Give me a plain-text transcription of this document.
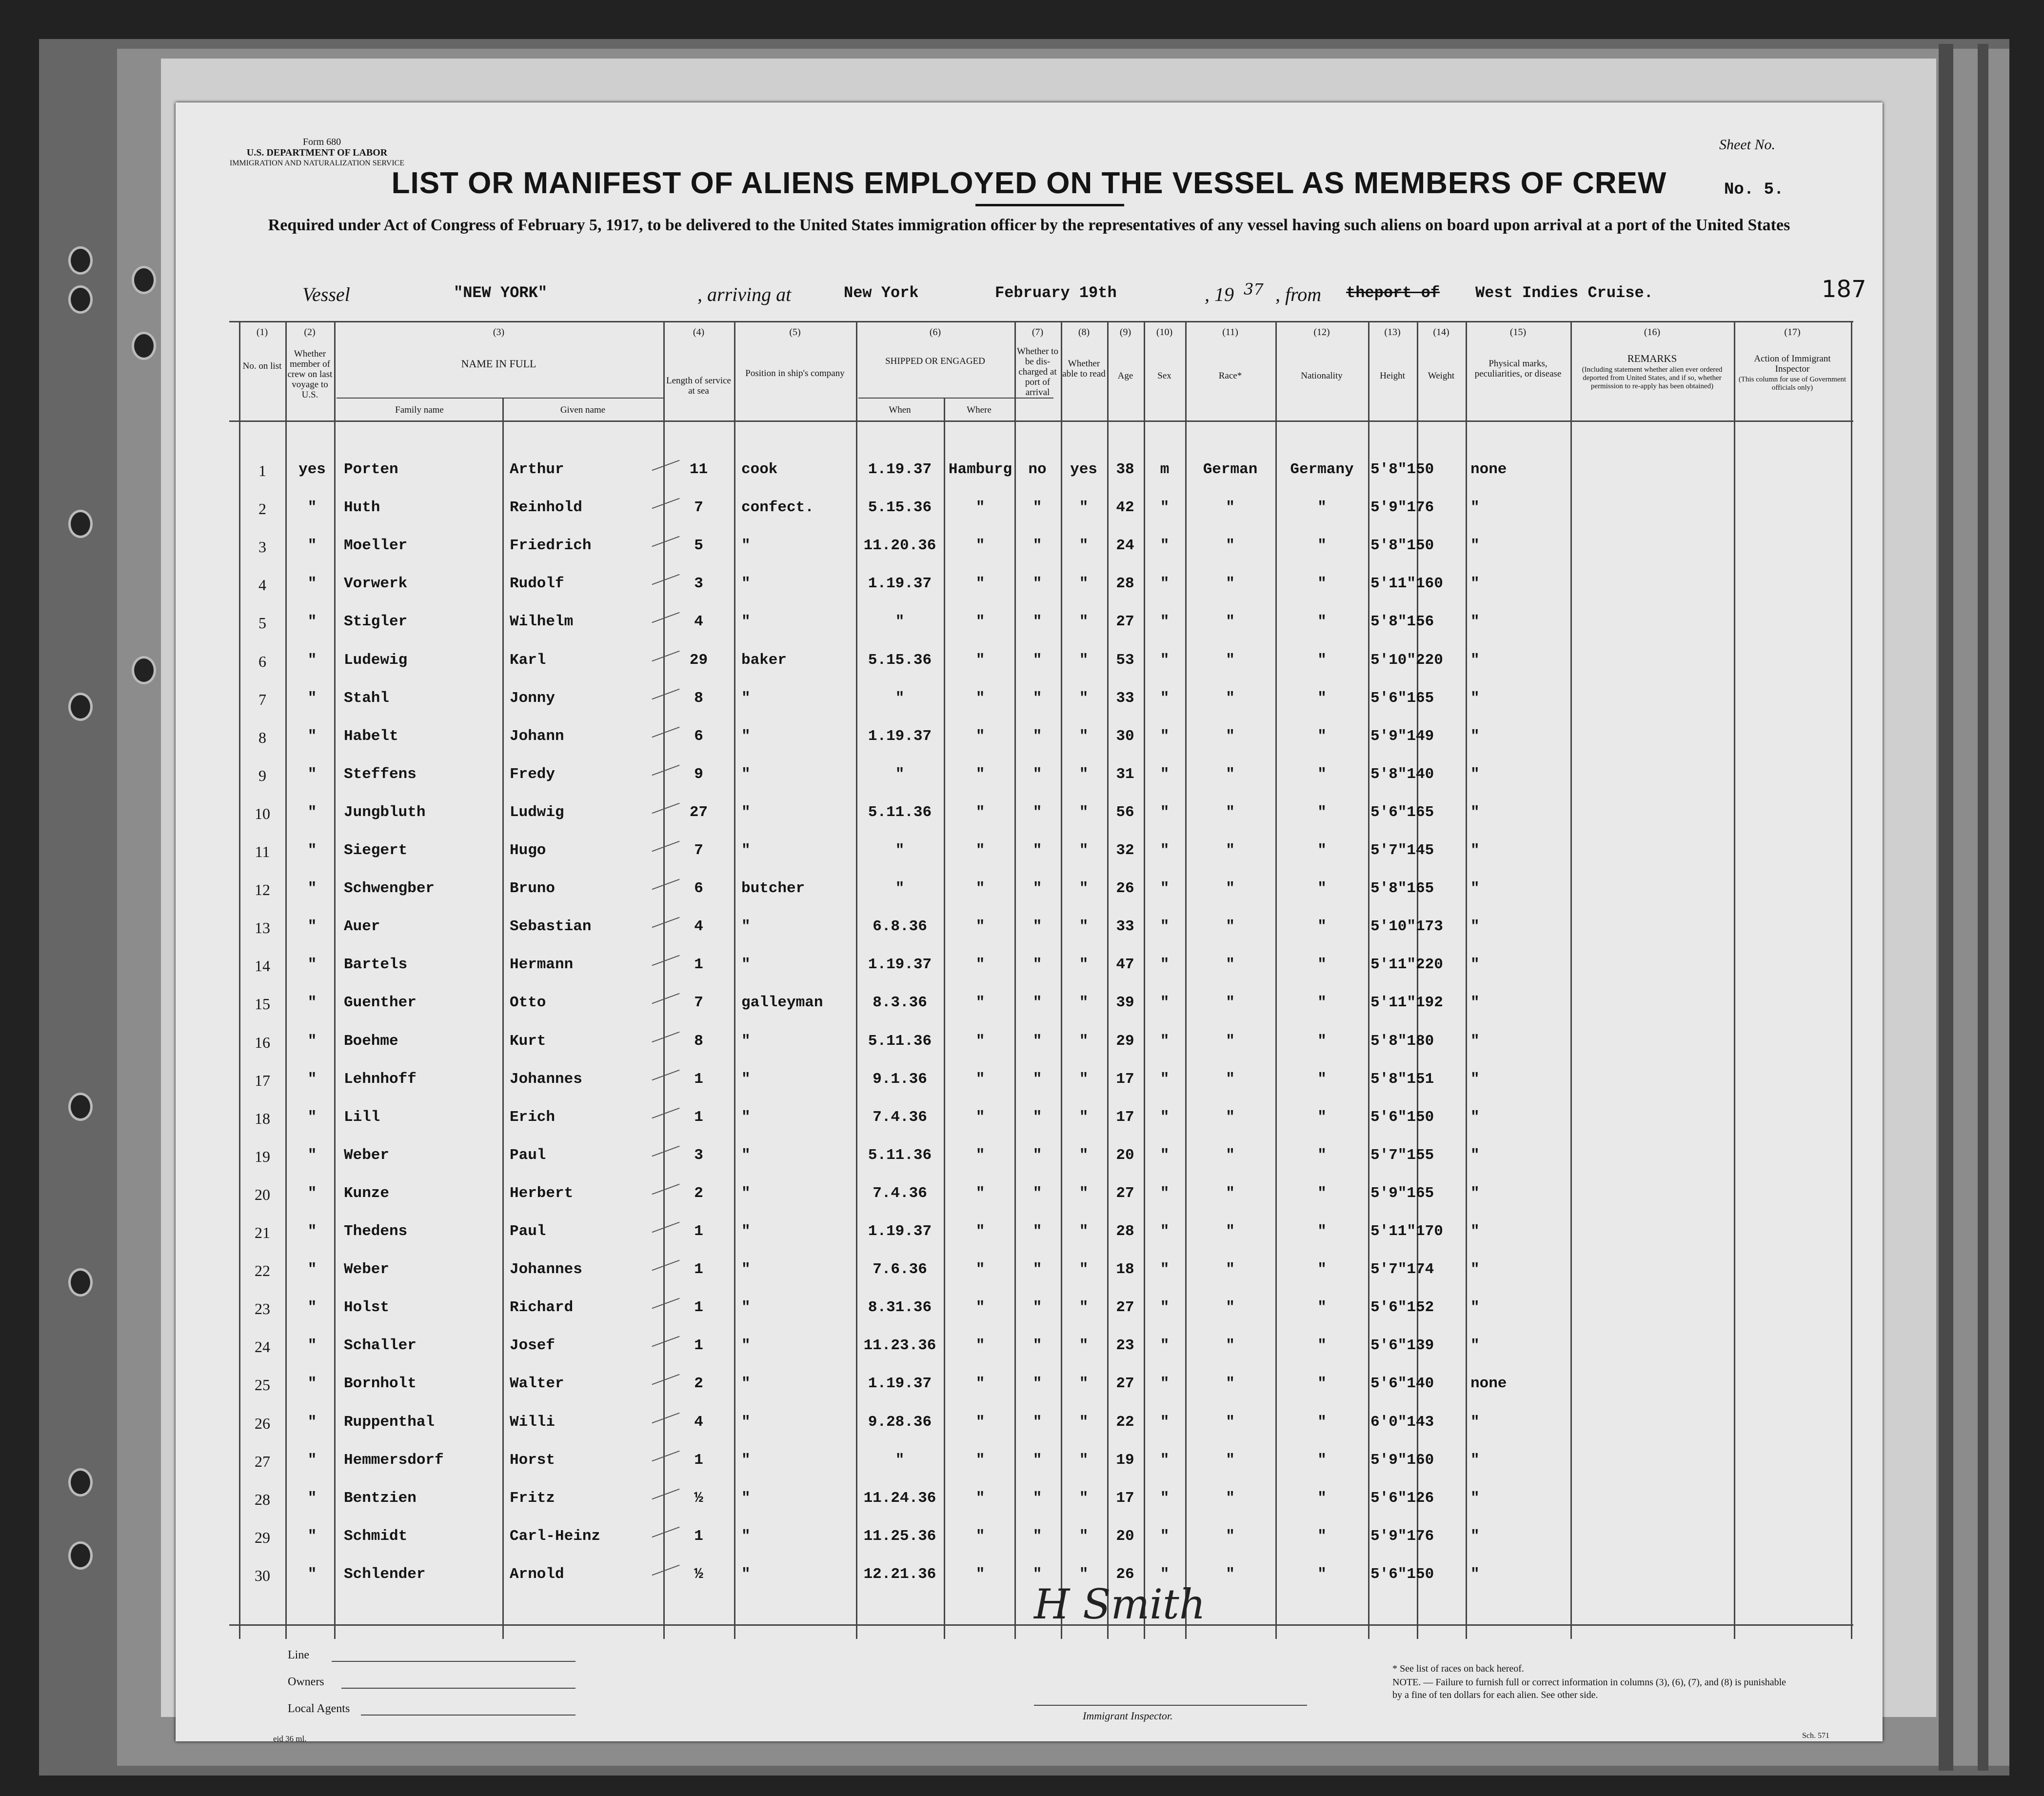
Form 680
U.S. DEPARTMENT OF LABOR
IMMIGRATION AND NATURALIZATION SERVICE
Sheet No.
No. 5.
LIST OR MANIFEST OF ALIENS EMPLOYED ON THE VESSEL AS MEMBERS OF CREW
Required under Act of Congress of February 5, 1917, to be delivered to the United States immigration officer by the representatives of any vessel having such aliens on board upon arrival at a port of the United States
Vessel	"NEW YORK"	, arriving at	New York	February 19th	, 19 37 , from theport of West Indies Cruise.	187
(1)	(2)	(3)	(4)	(5)	(6)	(7)	(8)	(9)	(10)	(11)	(12)	(13)	(14)	(15)	(16)	(17)
No. on list
Whether member of crew on last voyage to U.S.
NAME IN FULL
Family name	Given name
Length of service at sea
Position in ship's company
SHIPPED OR ENGAGED
When	Where
Whether to be dis-charged at port of arrival
Whether able to read	Age	Sex	Race*	Nationality	Height	Weight
Physical marks, peculiarities, or disease
REMARKS
(Including statement whether alien ever ordered deported from United States, and if so, whether permission to re-apply has been obtained)
Action of Immigrant Inspector
(This column for use of Government officials only)
1	yes	Porten	Arthur	11	cook	1.19.37	Hamburg	no	yes	38	m	German	Germany	5'8"150	none
2	"	Huth	Reinhold	7	confect.	5.15.36	"	"	"	42	"	"	"	5'9"176	"
3	"	Moeller	Friedrich	5	"	11.20.36	"	"	"	24	"	"	"	5'8"150	"
4	"	Vorwerk	Rudolf	3	"	1.19.37	"	"	"	28	"	"	"	5'11"160	"
5	"	Stigler	Wilhelm	4	"	"	"	"	"	27	"	"	"	5'8"156	"
6	"	Ludewig	Karl	29	baker	5.15.36	"	"	"	53	"	"	"	5'10"220	"
7	"	Stahl	Jonny	8	"	"	"	"	"	33	"	"	"	5'6"165	"
8	"	Habelt	Johann	6	"	1.19.37	"	"	"	30	"	"	"	5'9"149	"
9	"	Steffens	Fredy	9	"	"	"	"	"	31	"	"	"	5'8"140	"
10	"	Jungbluth	Ludwig	27	"	5.11.36	"	"	"	56	"	"	"	5'6"165	"
11	"	Siegert	Hugo	7	"	"	"	"	"	32	"	"	"	5'7"145	"
12	"	Schwengber	Bruno	6	butcher	"	"	"	"	26	"	"	"	5'8"165	"
13	"	Auer	Sebastian	4	"	6.8.36	"	"	"	33	"	"	"	5'10"173	"
14	"	Bartels	Hermann	1	"	1.19.37	"	"	"	47	"	"	"	5'11"220	"
15	"	Guenther	Otto	7	galleyman	8.3.36	"	"	"	39	"	"	"	5'11"192	"
16	"	Boehme	Kurt	8	"	5.11.36	"	"	"	29	"	"	"	5'8"180	"
17	"	Lehnhoff	Johannes	1	"	9.1.36	"	"	"	17	"	"	"	5'8"151	"
18	"	Lill	Erich	1	"	7.4.36	"	"	"	17	"	"	"	5'6"150	"
19	"	Weber	Paul	3	"	5.11.36	"	"	"	20	"	"	"	5'7"155	"
20	"	Kunze	Herbert	2	"	7.4.36	"	"	"	27	"	"	"	5'9"165	"
21	"	Thedens	Paul	1	"	1.19.37	"	"	"	28	"	"	"	5'11"170	"
22	"	Weber	Johannes	1	"	7.6.36	"	"	"	18	"	"	"	5'7"174	"
23	"	Holst	Richard	1	"	8.31.36	"	"	"	27	"	"	"	5'6"152	"
24	"	Schaller	Josef	1	"	11.23.36	"	"	"	23	"	"	"	5'6"139	"
25	"	Bornholt	Walter	2	"	1.19.37	"	"	"	27	"	"	"	5'6"140	none
26	"	Ruppenthal	Willi	4	"	9.28.36	"	"	"	22	"	"	"	6'0"143	"
27	"	Hemmersdorf	Horst	1	"	"	"	"	"	19	"	"	"	5'9"160	"
28	"	Bentzien	Fritz	½	"	11.24.36	"	"	"	17	"	"	"	5'6"126	"
29	"	Schmidt	Carl-Heinz	1	"	11.25.36	"	"	"	20	"	"	"	5'9"176	"
30	"	Schlender	Arnold	½	"	12.21.36	"	"	"	26	"	"	"	5'6"150	"
H Smith
Line
Owners
Local Agents
Immigrant Inspector.
* See list of races on back hereof.
NOTE. — Failure to furnish full or correct information in columns (3), (6), (7), and (8) is punishable by a fine of ten dollars for each alien. See other side.
eid 36 ml.	Sch. 571
